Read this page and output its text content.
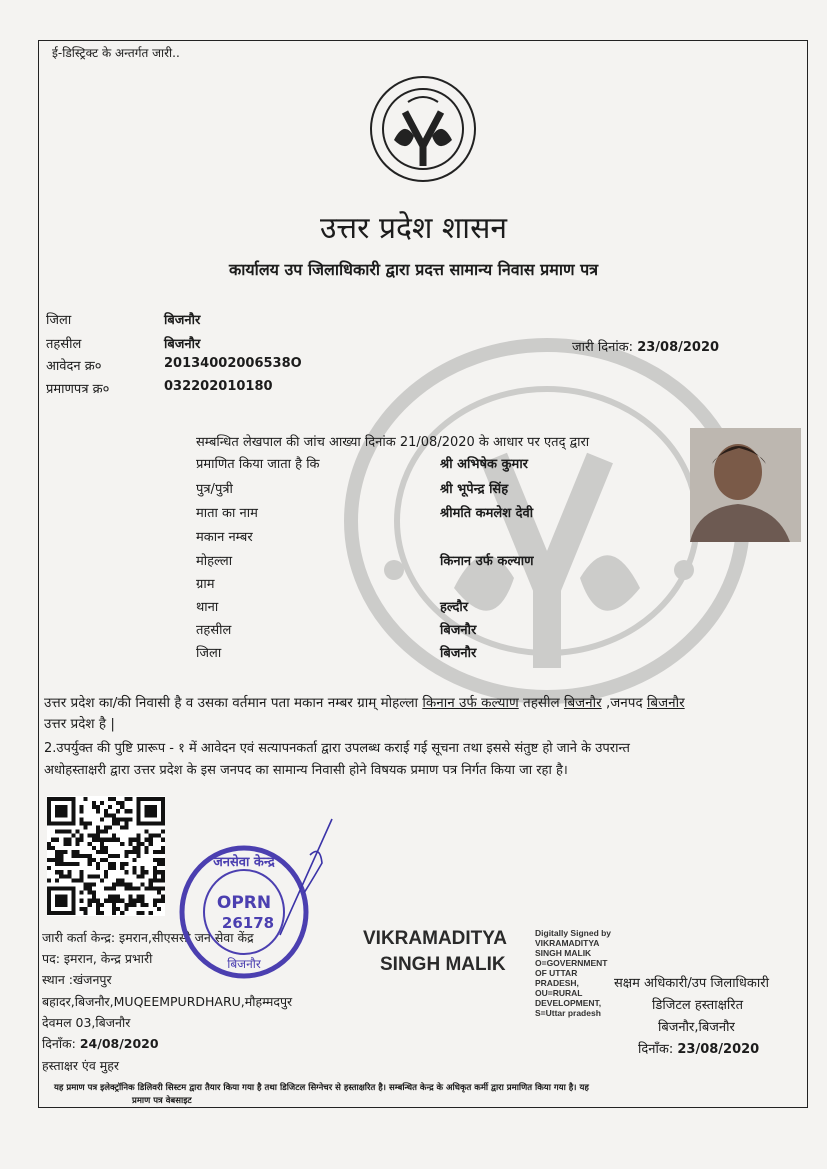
ई-डिस्ट्रिक्ट के अन्तर्गत जारी..
उत्तर प्रदेश शासन
कार्यालय उप जिलाधिकारी द्वारा प्रदत्त सामान्य निवास प्रमाण पत्र
जिला	बिजनौर
तहसील	बिजनौर
आवेदन क्र०	20134002006538O
प्रमाणपत्र क्र०	032202010180
जारी दिनांक: 23/08/2020
सम्बन्धित लेखपाल की जांच आख्या दिनांक 21/08/2020 के आधार पर एतद् द्वारा
प्रमाणित किया जाता है कि	श्री अभिषेक कुमार
पुत्र/पुत्री	श्री भूपेन्द्र सिंह
माता का नाम	श्रीमति कमलेश देवी
मकान नम्बर
मोहल्ला	किनान उर्फ कल्याण
ग्राम
थाना	हल्दौर
तहसील	बिजनौर
जिला	बिजनौर
उत्तर प्रदेश का/की निवासी है व उसका वर्तमान पता मकान नम्बर ग्राम् मोहल्ला किनान उर्फ कल्याण तहसील बिजनौर ,जनपद बिजनौर
उत्तर प्रदेश है |
2.उपर्युक्त की पुष्टि प्रारूप - १ में आवेदन एवं सत्यापनकर्ता द्वारा उपलब्ध कराई गई सूचना तथा इससे संतुष्ट हो जाने के उपरान्त
अधोहस्ताक्षरी द्वारा उत्तर प्रदेश के इस जनपद का सामान्य निवासी होने विषयक प्रमाण पत्र निर्गत किया जा रहा है।
जारी कर्ता केन्द्र: इमरान,सीएससी जन सेवा केंद्र
पद: इमरान, केन्द्र प्रभारी
स्थान :खंजनपुर
बहादर,बिजनौर,MUQEEMPURDHARU,मौहम्मदपुर
देवमल 03,बिजनौर
दिनाँक: 24/08/2020
हस्ताक्षर एंव मुहर
जनसेवा केन्द्र
OPRN
26178
बिजनौर
VIKRAMADITYA
SINGH MALIK
Digitally Signed by
VIKRAMADITYA
SINGH MALIK
O=GOVERNMENT
OF UTTAR
PRADESH,
OU=RURAL
DEVELOPMENT,
S=Uttar pradesh
सक्षम अधिकारी/उप जिलाधिकारी
डिजिटल हस्ताक्षरित
बिजनौर,बिजनौर
दिनाँक: 23/08/2020
यह प्रमाण पत्र इलेक्ट्रॉनिक डिलिवरी सिस्टम द्वारा तैयार किया गया है तथा डिजिटल सिग्नेचर से हस्ताक्षरित है। सम्बन्धित केन्द्र के अधिकृत कर्मी द्वारा प्रमाणित किया गया है। यह
प्रमाण पत्र वेबसाइट
